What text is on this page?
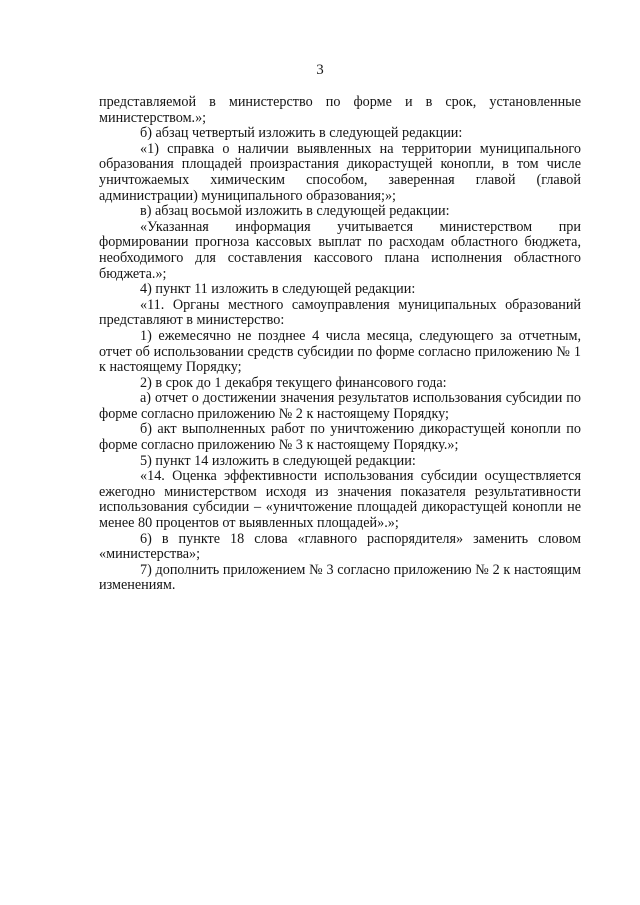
3

представляемой в министерство по форме и в срок, установленные министерством.»;

б) абзац четвертый изложить в следующей редакции:

«1) справка о наличии выявленных на территории муниципального образования площадей произрастания дикорастущей конопли, в том числе уничтожаемых химическим способом, заверенная главой (главой администрации) муниципального образования;»;

в) абзац восьмой изложить в следующей редакции:

«Указанная информация учитывается министерством при формировании прогноза кассовых выплат по расходам областного бюджета, необходимого для составления кассового плана исполнения областного бюджета.»;

4) пункт 11 изложить в следующей редакции:

«11. Органы местного самоуправления муниципальных образований представляют в министерство:

1) ежемесячно не позднее 4 числа месяца, следующего за отчетным, отчет об использовании средств субсидии по форме согласно приложению № 1 к настоящему Порядку;

2) в срок до 1 декабря текущего финансового года:

а) отчет о достижении значения результатов использования субсидии по форме согласно приложению № 2 к настоящему Порядку;

б) акт выполненных работ по уничтожению дикорастущей конопли по форме согласно приложению № 3 к настоящему Порядку.»;

5) пункт 14 изложить в следующей редакции:

«14. Оценка эффективности использования субсидии осуществляется ежегодно министерством исходя из значения показателя результативности использования субсидии – «уничтожение площадей дикорастущей конопли не менее 80 процентов от выявленных площадей».»;

6) в пункте 18 слова «главного распорядителя» заменить словом «министерства»;

7) дополнить приложением № 3 согласно приложению № 2 к настоящим изменениям.
